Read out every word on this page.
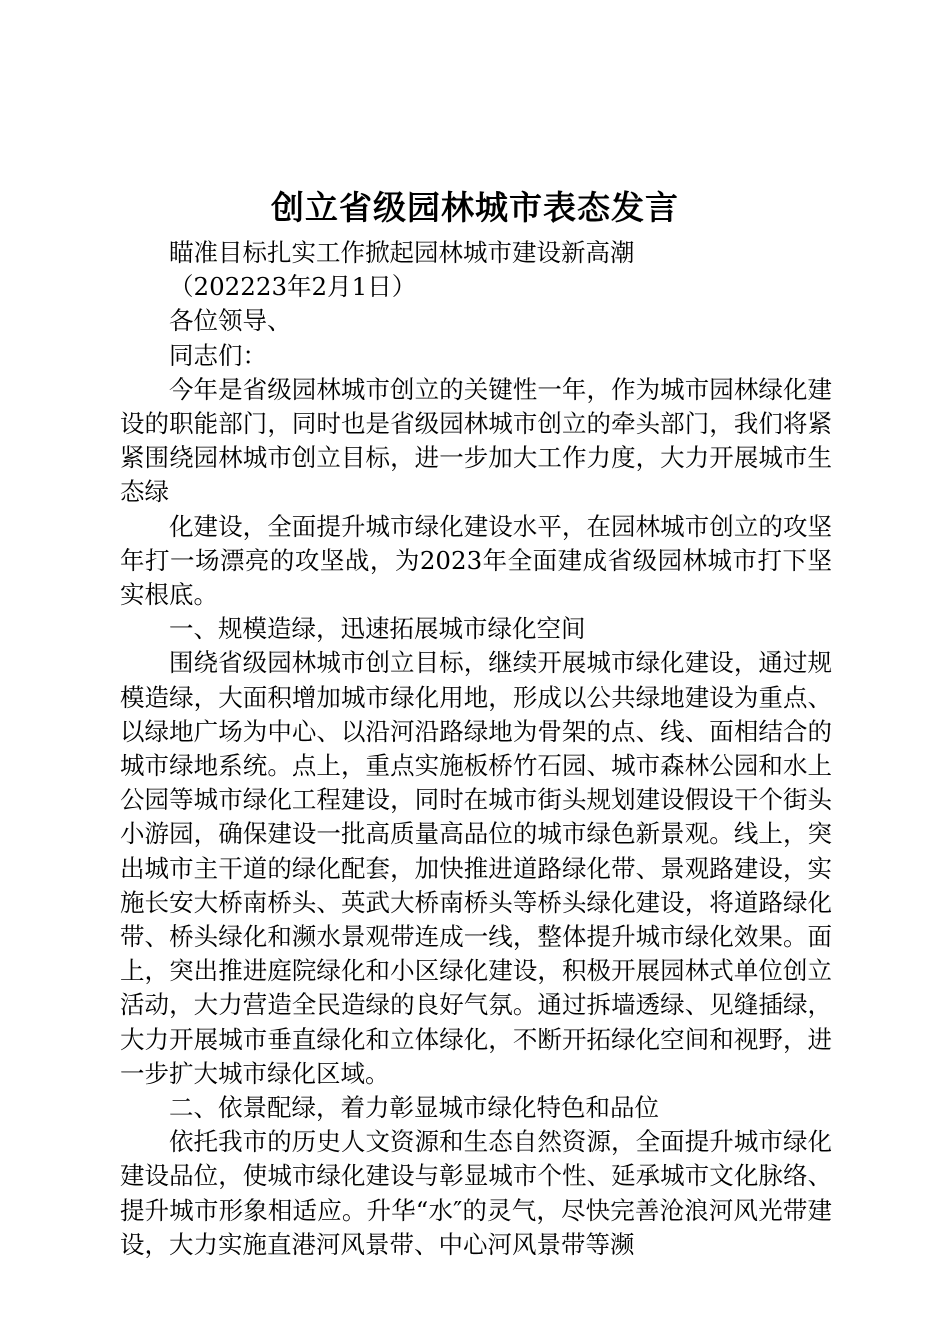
创立省级园林城市表态发言

瞄准目标扎实工作掀起园林城市建设新高潮

（202223年2月1日）

各位领导、

同志们：

今年是省级园林城市创立的关键性一年，作为城市园林绿化建设的职能部门，同时也是省级园林城市创立的牵头部门，我们将紧紧围绕园林城市创立目标，进一步加大工作力度，大力开展城市生态绿

化建设，全面提升城市绿化建设水平，在园林城市创立的攻坚年打一场漂亮的攻坚战，为2023年全面建成省级园林城市打下坚实根底。

一、规模造绿，迅速拓展城市绿化空间

围绕省级园林城市创立目标，继续开展城市绿化建设，通过规模造绿，大面积增加城市绿化用地，形成以公共绿地建设为重点、以绿地广场为中心、以沿河沿路绿地为骨架的点、线、面相结合的城市绿地系统。点上，重点实施板桥竹石园、城市森林公园和水上公园等城市绿化工程建设，同时在城市街头规划建设假设干个街头小游园，确保建设一批高质量高品位的城市绿色新景观。线上，突出城市主干道的绿化配套，加快推进道路绿化带、景观路建设，实施长安大桥南桥头、英武大桥南桥头等桥头绿化建设，将道路绿化带、桥头绿化和濒水景观带连成一线，整体提升城市绿化效果。面上，突出推进庭院绿化和小区绿化建设，积极开展园林式单位创立活动，大力营造全民造绿的良好气氛。通过拆墙透绿、见缝插绿，大力开展城市垂直绿化和立体绿化，不断开拓绿化空间和视野，进一步扩大城市绿化区域。

二、依景配绿，着力彰显城市绿化特色和品位

依托我市的历史人文资源和生态自然资源，全面提升城市绿化建设品位，使城市绿化建设与彰显城市个性、延承城市文化脉络、提升城市形象相适应。升华“水″的灵气，尽快完善沧浪河风光带建设，大力实施直港河风景带、中心河风景带等濒
